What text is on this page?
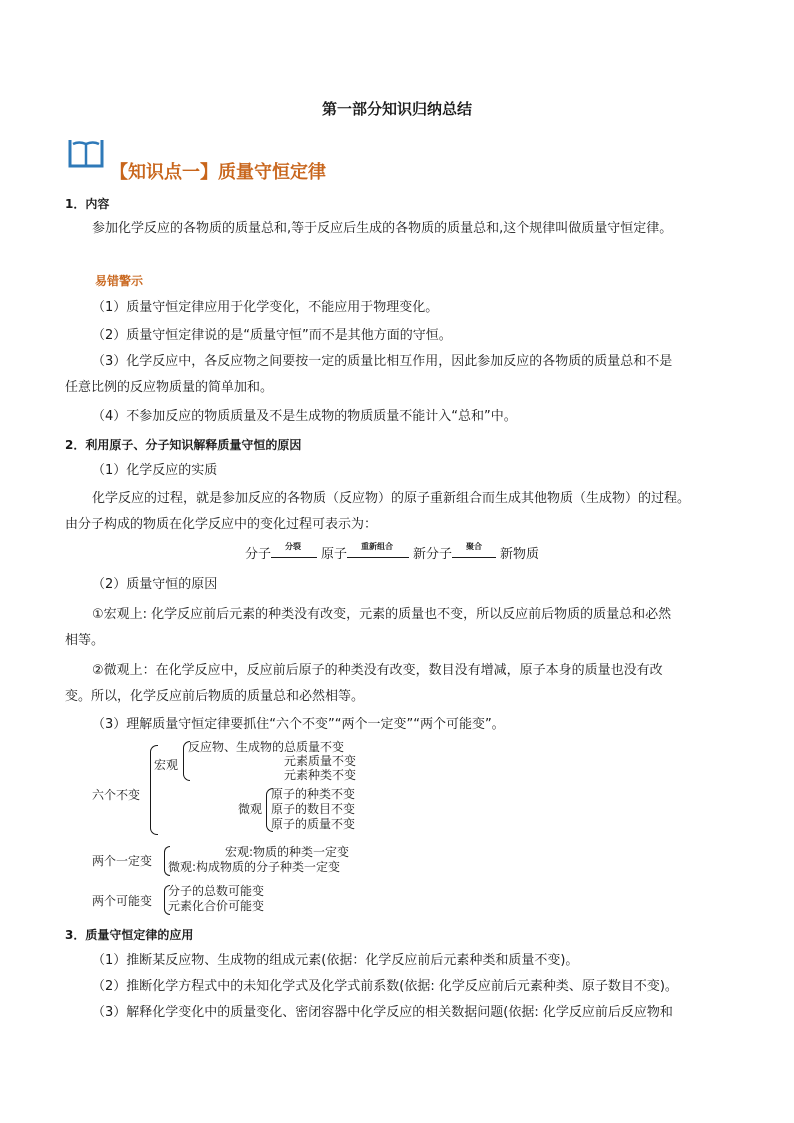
第一部分知识归纳总结
【知识点一】质量守恒定律
1．内容
参加化学反应的各物质的质量总和,等于反应后生成的各物质的质量总和,这个规律叫做质量守恒定律。
易错警示
（1）质量守恒定律应用于化学变化，不能应用于物理变化。
（2）质量守恒定律说的是“质量守恒”而不是其他方面的守恒。
（3）化学反应中，各反应物之间要按一定的质量比相互作用，因此参加反应的各物质的质量总和不是
任意比例的反应物质量的简单加和。
（4）不参加反应的物质质量及不是生成物的物质质量不能计入“总和”中。
2．利用原子、分子知识解释质量守恒的原因
（1）化学反应的实质
化学反应的过程，就是参加反应的各物质（反应物）的原子重新组合而生成其他物质（生成物）的过程。
由分子构成的物质在化学反应中的变化过程可表示为：
分子
分裂
原子
重新组合
新分子
聚合
新物质
（2）质量守恒的原因
①宏观上: 化学反应前后元素的种类没有改变，元素的质量也不变，所以反应前后物质的质量总和必然
相等。
②微观上：在化学反应中，反应前后原子的种类没有改变，数目没有增减，原子本身的质量也没有改
变。所以，化学反应前后物质的质量总和必然相等。
（3）理解质量守恒定律要抓住“六个不变”“两个一定变”“两个可能变”。
六个不变
宏观
反应物、生成物的总质量不变
元素质量不变
元素种类不变
微观
原子的种类不变
原子的数目不变
原子的质量不变
两个一定变
宏观:物质的种类一定变
微观:构成物质的分子种类一定变
两个可能变
分子的总数可能变
元素化合价可能变
3．质量守恒定律的应用
（1）推断某反应物、生成物的组成元素(依据：化学反应前后元素种类和质量不变)。
（2）推断化学方程式中的未知化学式及化学式前系数(依据: 化学反应前后元素种类、原子数目不变)。
（3）解释化学变化中的质量变化、密闭容器中化学反应的相关数据问题(依据: 化学反应前后反应物和
